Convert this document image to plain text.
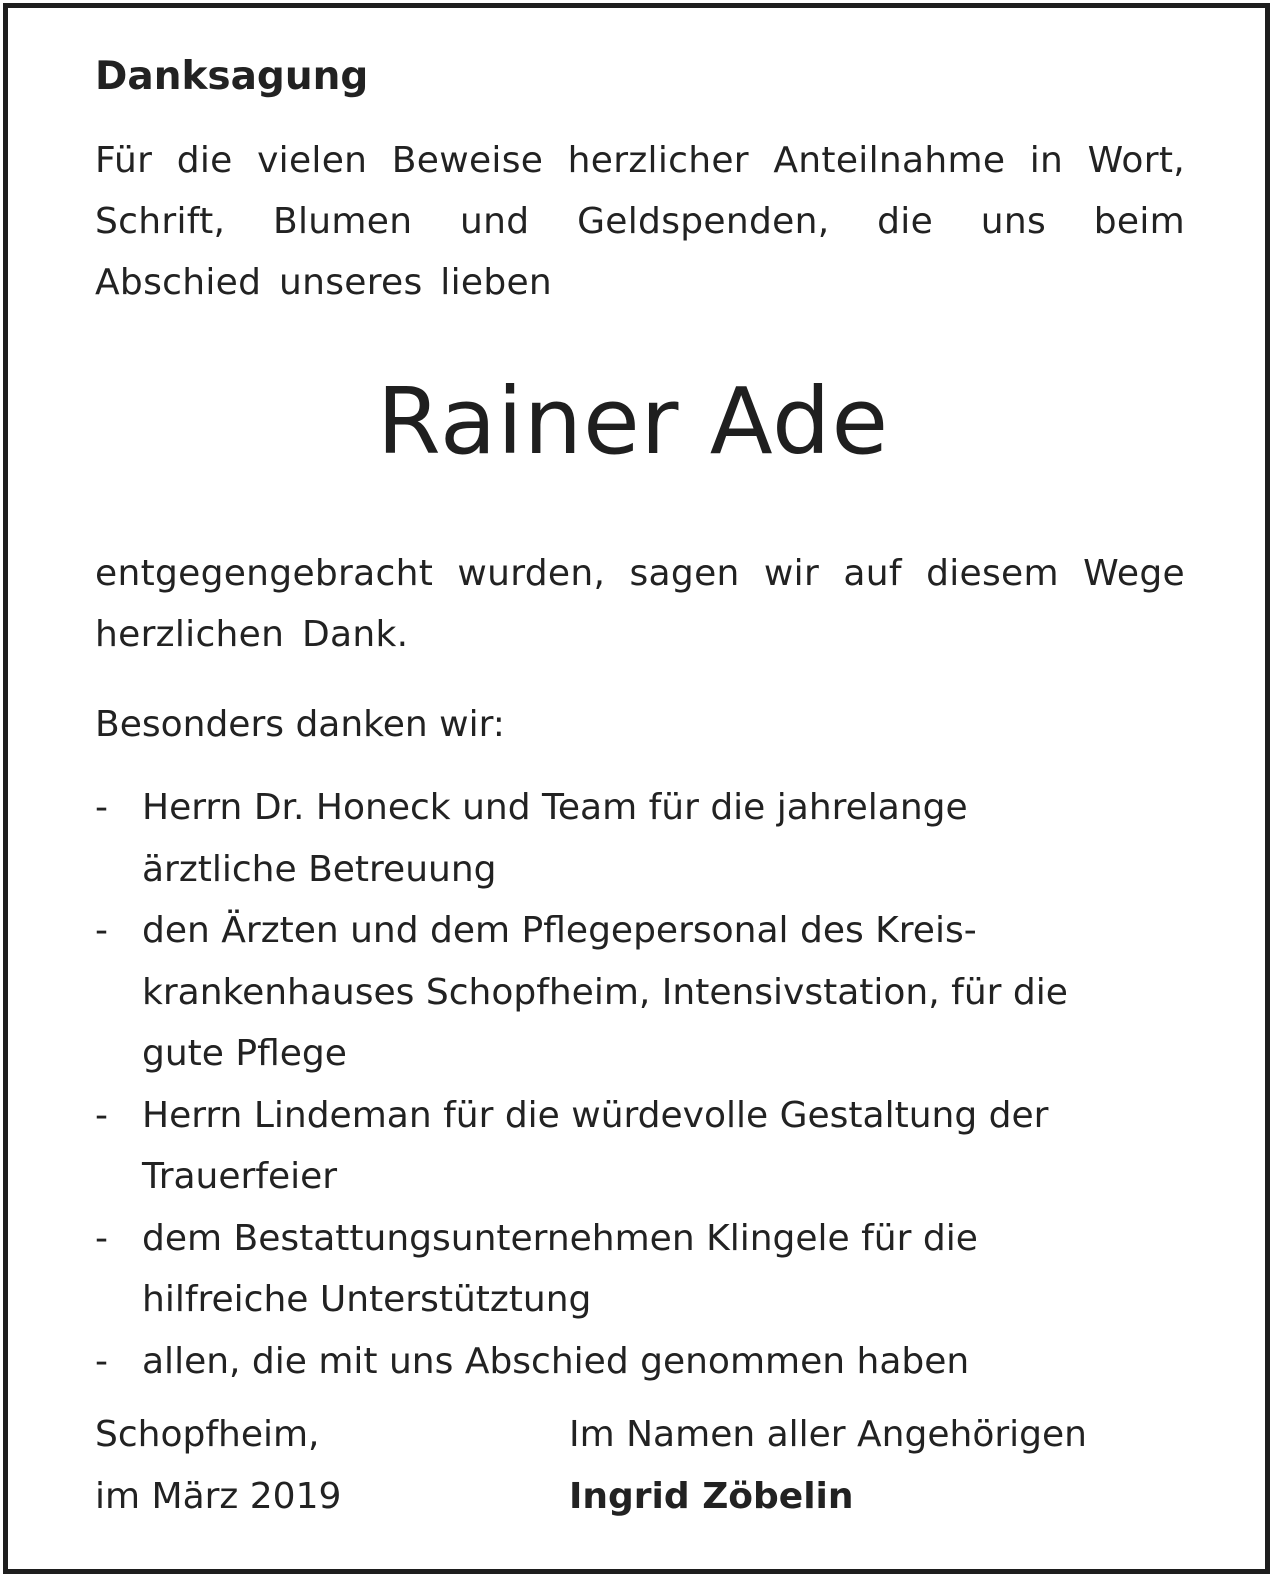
Danksagung

Für die vielen Beweise herzlicher Anteilnahme in Wort, Schrift, Blumen und Geldspenden, die uns beim Abschied unseres lieben

Rainer Ade

entgegengebracht wurden, sagen wir auf diesem Wege herzlichen Dank.

Besonders danken wir:
- Herrn Dr. Honeck und Team für die jahrelange ärztliche Betreuung
- den Ärzten und dem Pflegepersonal des Kreiskrankenhauses Schopfheim, Intensivstation, für die gute Pflege
- Herrn Lindeman für die würdevolle Gestaltung der Trauerfeier
- dem Bestattungsunternehmen Klingele für die hilfreiche Unterstütztung
- allen, die mit uns Abschied genommen haben
Schopfheim,
im März 2019
Im Namen aller Angehörigen
Ingrid Zöbelin
